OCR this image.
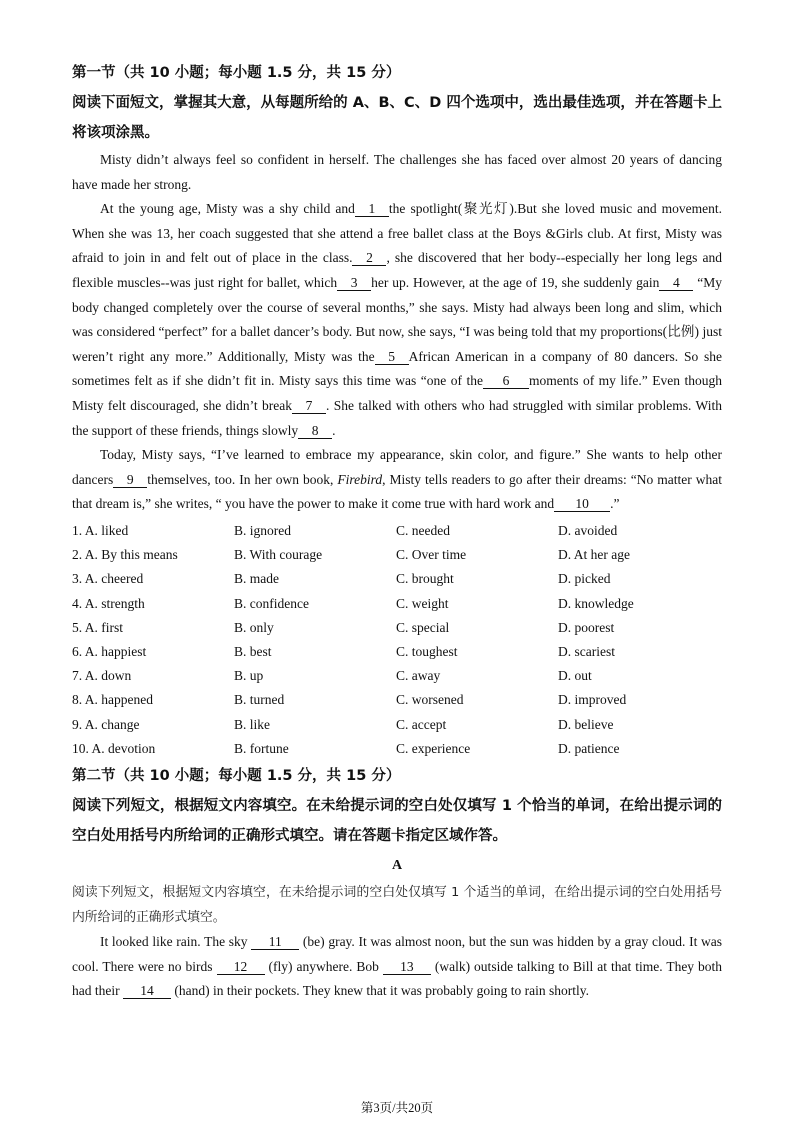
第一节（共 10 小题；每小题 1.5 分，共 15 分）
阅读下面短文，掌握其大意，从每题所给的 A、B、C、D 四个选项中，选出最佳选项，并在答题卡上将该项涂黑。

Misty didn’t always feel so confident in herself. The challenges she has faced over almost 20 years of dancing have made her strong.

At the young age, Misty was a shy child and 1 the spotlight(聚光灯).But she loved music and movement. When she was 13, her coach suggested that she attend a free ballet class at the Boys &Girls club. At first, Misty was afraid to join in and felt out of place in the class. 2 , she discovered that her body--especially her long legs and flexible muscles--was just right for ballet, which 3 her up. However, at the age of 19, she suddenly gain 4 “My body changed completely over the course of several months,” she says. Misty had always been long and slim, which was considered “perfect” for a ballet dancer’s body. But now, she says, “I was being told that my proportions(比例) just weren’t right any more.” Additionally, Misty was the 5 African American in a company of 80 dancers. So she sometimes felt as if she didn’t fit in. Misty says this time was “one of the 6 moments of my life.” Even though Misty felt discouraged, she didn’t break 7 . She talked with others who had struggled with similar problems. With the support of these friends, things slowly 8 .

Today, Misty says, “I’ve learned to embrace my appearance, skin color, and figure.” She wants to help other dancers 9 themselves, too. In her own book, Firebird, Misty tells readers to go after their dreams: “No matter what that dream is,” she writes, “ you have the power to make it come true with hard work and 10 .”

1. A. liked	B. ignored	C. needed	D. avoided
2. A. By this means	B. With courage	C. Over time	D. At her age
3. A. cheered	B. made	C. brought	D. picked
4. A. strength	B. confidence	C. weight	D. knowledge
5. A. first	B. only	C. special	D. poorest
6. A. happiest	B. best	C. toughest	D. scariest
7. A. down	B. up	C. away	D. out
8. A. happened	B. turned	C. worsened	D. improved
9. A. change	B. like	C. accept	D. believe
10. A. devotion	B. fortune	C. experience	D. patience
第二节（共 10 小题；每小题 1.5 分，共 15 分）
阅读下列短文，根据短文内容填空。在未给提示词的空白处仅填写 1 个恰当的单词，在给出提示词的空白处用括号内所给词的正确形式填空。请在答题卡指定区域作答。
A

阅读下列短文，根据短文内容填空，在未给提示词的空白处仅填写 1 个适当的单词，在给出提示词的空白处用括号内所给词的正确形式填空。

It looked like rain. The sky 11 (be) gray. It was almost noon, but the sun was hidden by a gray cloud. It was cool. There were no birds 12 (fly) anywhere. Bob 13 (walk) outside talking to Bill at that time. They both had their 14 (hand) in their pockets. They knew that it was probably going to rain shortly.

第3页/共20页
